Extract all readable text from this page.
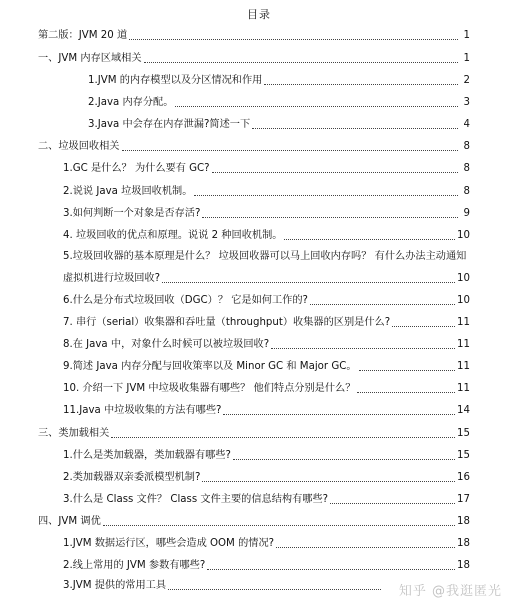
目录
第二版：JVM 20 道	1
一、JVM 内存区域相关	1
1.JVM 的内存模型以及分区情况和作用	2
2.Java 内存分配。	3
3.Java 中会存在内存泄漏?简述一下	4
二、垃圾回收相关	8
1.GC 是什么？ 为什么要有 GC?	8
2.说说 Java 垃圾回收机制。	8
3.如何判断一个对象是否存活?	9
4. 垃圾回收的优点和原理。说说 2 种回收机制。	10
5.垃圾回收器的基本原理是什么？ 垃圾回收器可以马上回收内存吗？ 有什么办法主动通知
虚拟机进行垃圾回收?	10
6.什么是分布式垃圾回收（DGC）？ 它是如何工作的?	10
7. 串行（serial）收集器和吞吐量（throughput）收集器的区别是什么?	11
8.在 Java 中，对象什么时候可以被垃圾回收?	11
9.简述 Java 内存分配与回收策率以及 Minor GC 和 Major GC。	11
10. 介绍一下 JVM 中垃圾收集器有哪些？ 他们特点分别是什么？	11
11.Java 中垃圾收集的方法有哪些?	14
三、类加载相关	15
1.什么是类加载器，类加载器有哪些?	15
2.类加载器双亲委派模型机制?	16
3.什么是 Class 文件？ Class 文件主要的信息结构有哪些?	17
四、JVM 调优	18
1.JVM 数据运行区，哪些会造成 OOM 的情况?	18
2.线上常用的 JVM 参数有哪些?	18
3.JVM 提供的常用工具	知乎 @我逛匿光
